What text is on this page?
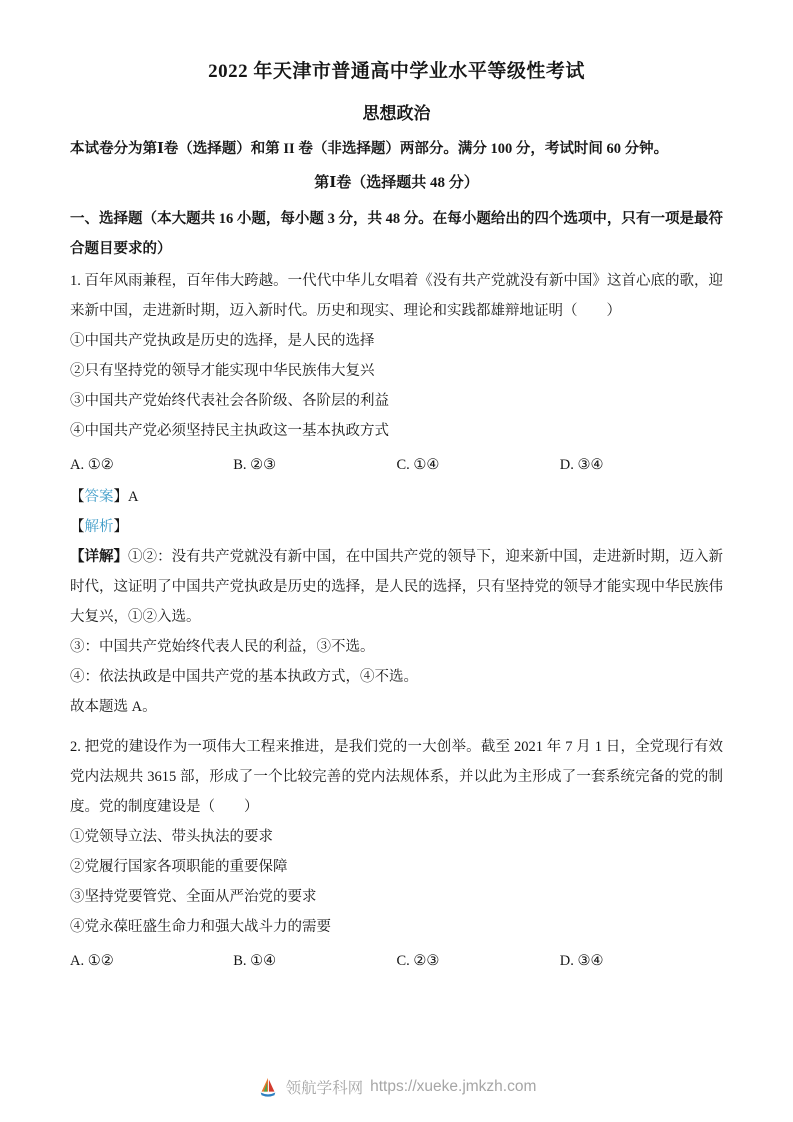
2022 年天津市普通高中学业水平等级性考试
思想政治

本试卷分为第Ⅰ卷（选择题）和第 II 卷（非选择题）两部分。满分 100 分，考试时间 60 分钟。

第Ⅰ卷（选择题共 48 分）

一、选择题（本大题共 16 小题，每小题 3 分，共 48 分。在每小题给出的四个选项中，只有一项是最符合题目要求的）

1. 百年风雨兼程，百年伟大跨越。一代代中华儿女唱着《没有共产党就没有新中国》这首心底的歌，迎来新中国，走进新时期，迈入新时代。历史和现实、理论和实践都雄辩地证明（　　）

①中国共产党执政是历史的选择，是人民的选择

②只有坚持党的领导才能实现中华民族伟大复兴

③中国共产党始终代表社会各阶级、各阶层的利益

④中国共产党必须坚持民主执政这一基本执政方式

A. ①②	B. ②③	C. ①④	D. ③④

【答案】A

【解析】

【详解】①②：没有共产党就没有新中国，在中国共产党的领导下，迎来新中国，走进新时期，迈入新时代，这证明了中国共产党执政是历史的选择，是人民的选择，只有坚持党的领导才能实现中华民族伟大复兴，①②入选。

③：中国共产党始终代表人民的利益，③不选。

④：依法执政是中国共产党的基本执政方式，④不选。

故本题选 A。

2. 把党的建设作为一项伟大工程来推进，是我们党的一大创举。截至 2021 年 7 月 1 日，全党现行有效党内法规共 3615 部，形成了一个比较完善的党内法规体系，并以此为主形成了一套系统完备的党的制度。党的制度建设是（　　）

①党领导立法、带头执法的要求

②党履行国家各项职能的重要保障

③坚持党要管党、全面从严治党的要求

④党永葆旺盛生命力和强大战斗力的需要

A. ①②	B. ①④	C. ②③	D. ③④
领航学科网 https://xueke.jmkzh.com
